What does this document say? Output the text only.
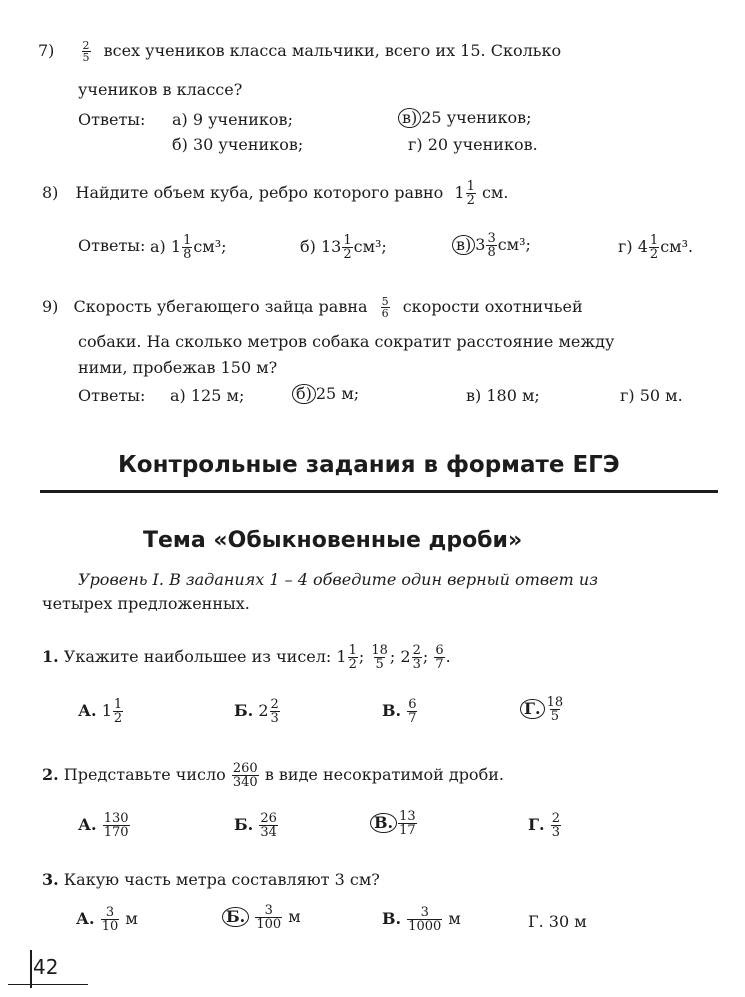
$7) \frac{2}{5}$ всех учеников класса мальчики, всего их 15. Сколько
учеников в классе?
Ответы: а) 9 учеников;	в) 25 учеников;
б) 30 учеников;	г) 20 учеников.
8) Найдите объем куба, ребро которого равно $1 \frac{1}{2}$ см.
Ответы: а) $1 \frac{1}{8} см^3$;	б) $13 \frac{1}{2} см^3$;	в) $3 \frac{3}{8} см^3$;	г) $4 \frac{1}{2} см^3$.
9) Скорость убегающего зайца равна $\frac{5}{6}$ скорости охотничьей
собаки. На сколько метров собака сократит расстояние между
ними, пробежав 150 м?
Ответы: а) 125 м;	б) 25 м;	в) 180 м;	г) 50 м.
Контрольные задания в формате ЕГЭ
Тема «Обыкновенные дроби»
Уровень I. В заданиях 1 – 4 обведите один верный ответ из
четырех предложенных.
1. Укажите наибольшее из чисел: $1 \frac{1}{2}$ ; $\frac{18}{5}$ ; $2 \frac{2}{3}$ ; $\frac{6}{7}$ .
А. $1 \frac{1}{2}$	Б. $2 \frac{2}{3}$	В. $\frac{6}{7}$	Г. $\frac{18}{5}$
2. Представьте число $\frac{260}{340}$ в виде несократимой дроби.
А. $\frac{130}{170}$	Б. $\frac{26}{34}$	В. $\frac{13}{17}$	Г. $\frac{2}{3}$
3. Какую часть метра составляют 3 см?
А. $\frac{3}{10}$ м	Б. $\frac{3}{100}$ м	В. $\frac{3}{1000}$ м	Г. 30 м
42
